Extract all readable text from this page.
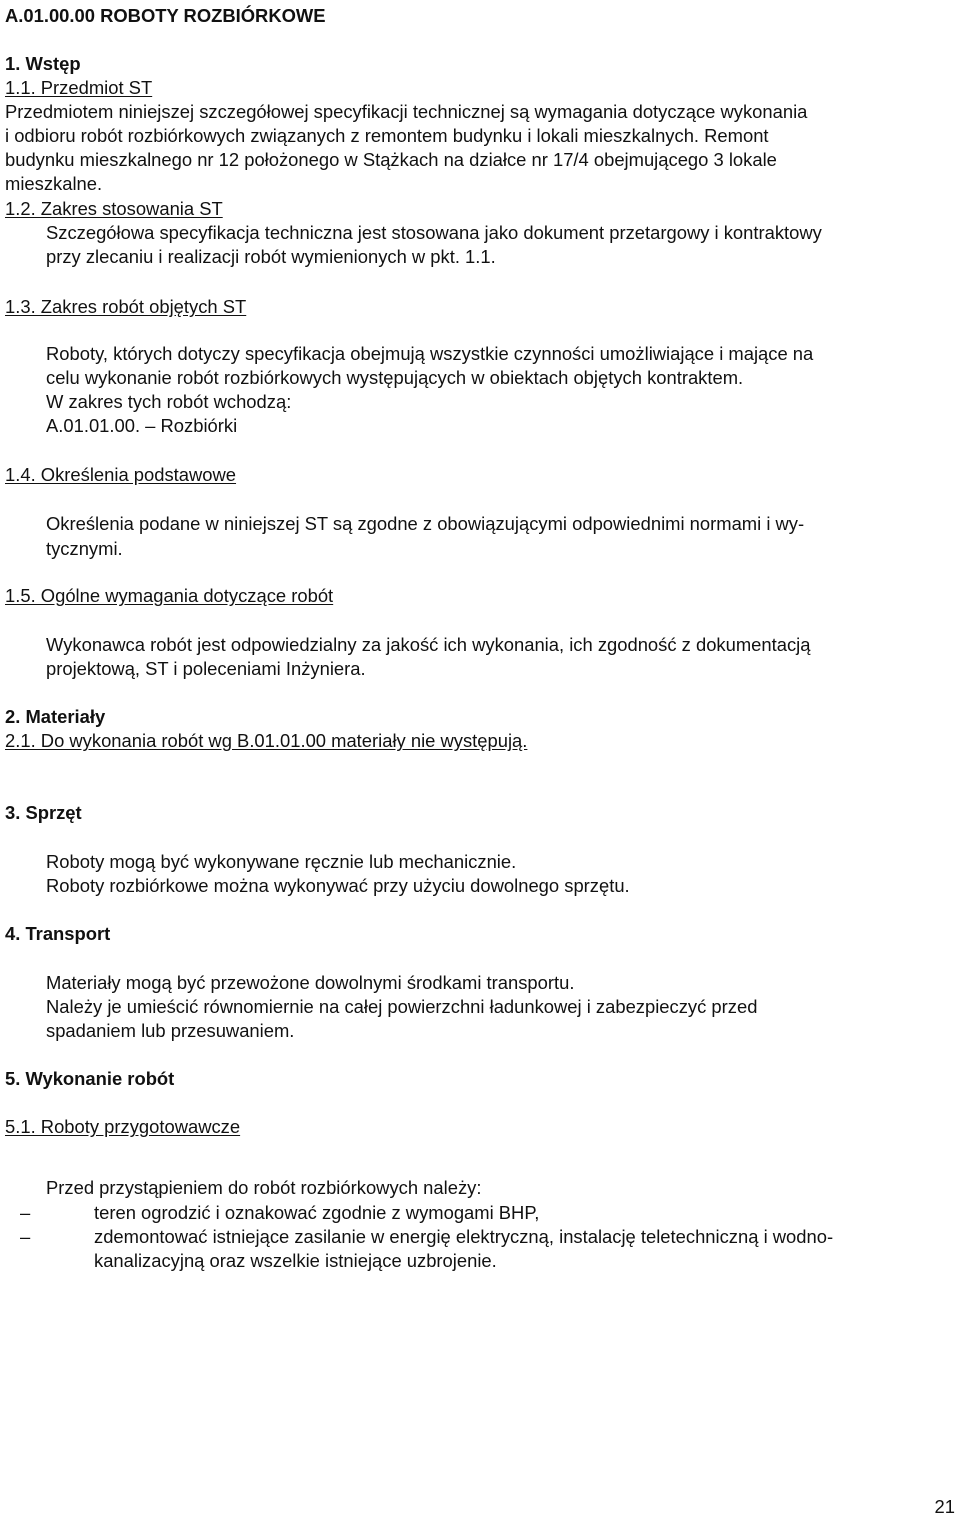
A.01.00.00 ROBOTY ROZBIÓRKOWE
1. Wstęp
1.1. Przedmiot ST
Przedmiotem niniejszej szczegółowej specyfikacji technicznej są wymagania dotyczące wykonania
i odbioru robót rozbiórkowych związanych z remontem budynku i lokali mieszkalnych. Remont
budynku mieszkalnego nr 12 położonego w Stążkach na działce nr 17/4 obejmującego 3 lokale
mieszkalne.
1.2. Zakres stosowania ST
Szczegółowa specyfikacja techniczna jest stosowana jako dokument przetargowy i kontraktowy
przy zlecaniu i realizacji robót wymienionych w pkt. 1.1.
1.3. Zakres robót objętych ST
Roboty, których dotyczy specyfikacja obejmują wszystkie czynności umożliwiające i mające na
celu wykonanie robót rozbiórkowych występujących w obiektach objętych kontraktem.
W zakres tych robót wchodzą:
A.01.01.00. – Rozbiórki
1.4. Określenia podstawowe
Określenia podane w niniejszej ST są zgodne z obowiązującymi odpowiednimi normami i wy-
tycznymi.
1.5. Ogólne wymagania dotyczące robót
Wykonawca robót jest odpowiedzialny za jakość ich wykonania, ich zgodność z dokumentacją
projektową, ST i poleceniami Inżyniera.
2. Materiały
2.1. Do wykonania robót wg B.01.01.00 materiały nie występują.
3. Sprzęt
Roboty mogą być wykonywane ręcznie lub mechanicznie.
Roboty rozbiórkowe można wykonywać przy użyciu dowolnego sprzętu.
4. Transport
Materiały mogą być przewożone dowolnymi środkami transportu.
Należy je umieścić równomiernie na całej powierzchni ładunkowej i zabezpieczyć przed
spadaniem lub przesuwaniem.
5. Wykonanie robót
5.1. Roboty przygotowawcze
Przed przystąpieniem do robót rozbiórkowych należy:
–	teren ogrodzić i oznakować zgodnie z wymogami BHP,
–	zdemontować istniejące zasilanie w energię elektryczną, instalację teletechniczną i wodno-
kanalizacyjną oraz wszelkie istniejące uzbrojenie.
21
